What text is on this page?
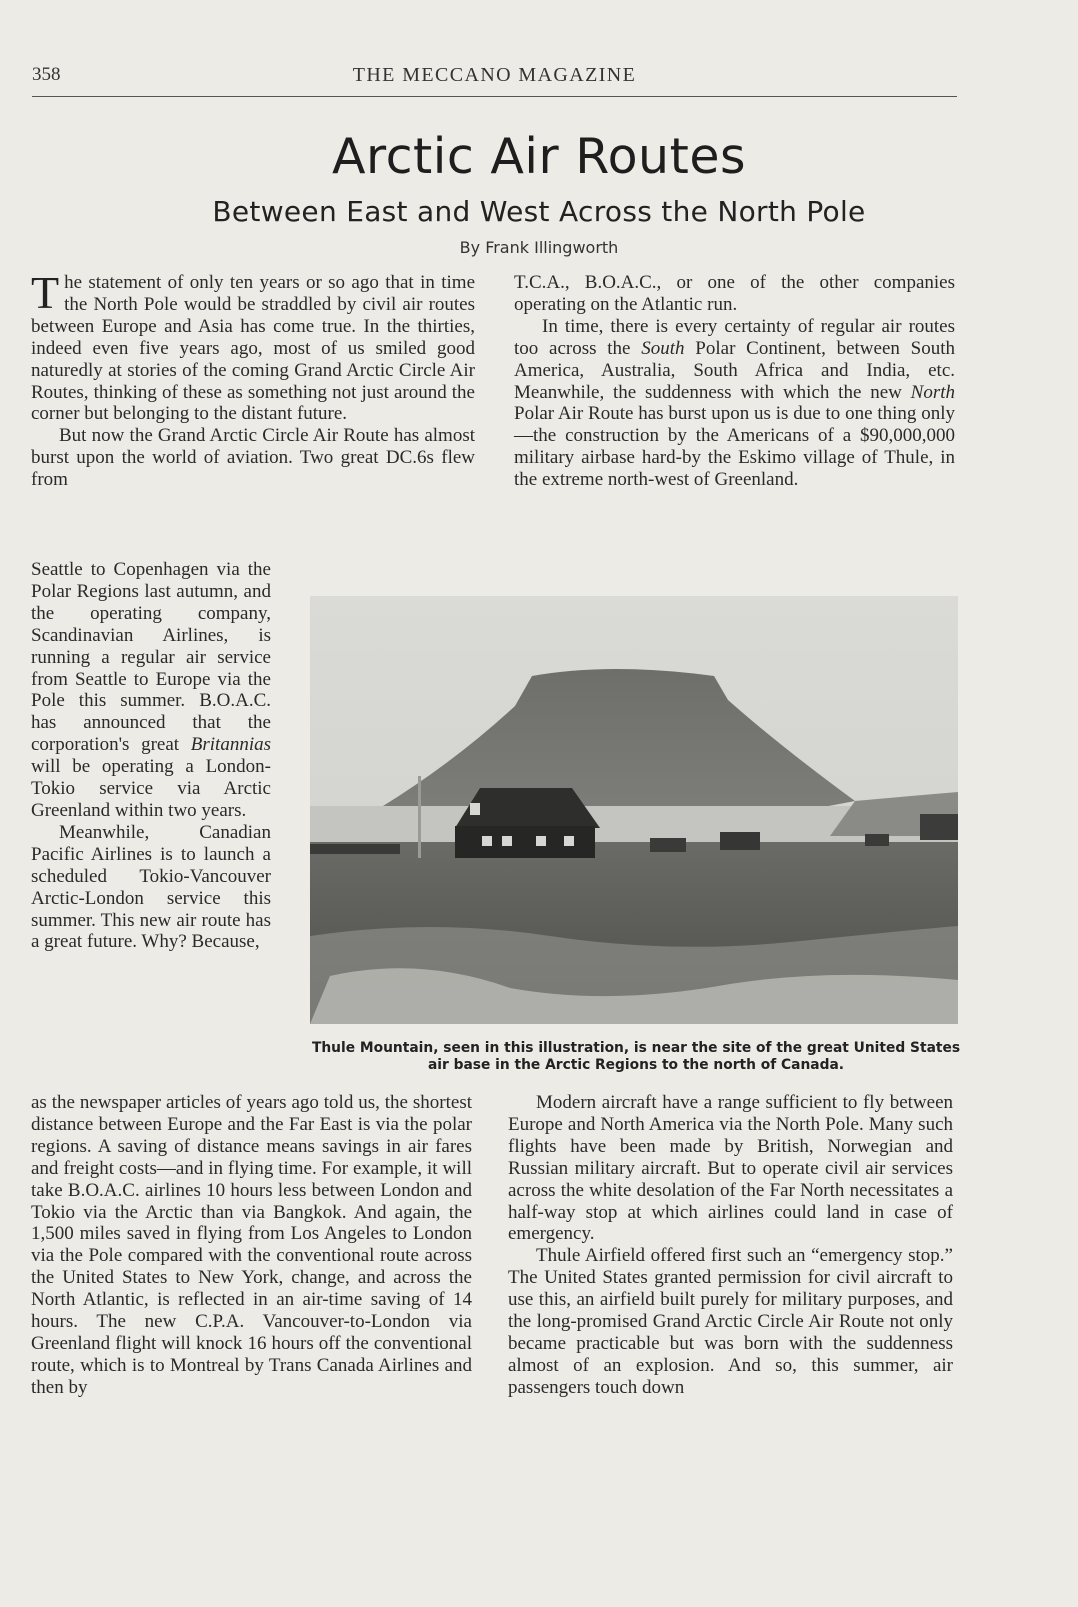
358	THE MECCANO MAGAZINE
Arctic Air Routes
Between East and West Across the North Pole
By Frank Illingworth

The statement of only ten years or so ago that in time the North Pole would be straddled by civil air routes between Europe and Asia has come true. In the thirties, indeed even five years ago, most of us smiled good naturedly at stories of the coming Grand Arctic Circle Air Routes, thinking of these as something not just around the corner but belonging to the distant future.

But now the Grand Arctic Circle Air Route has almost burst upon the world of aviation. Two great DC.6s flew from

T.C.A., B.O.A.C., or one of the other companies operating on the Atlantic run.

In time, there is every certainty of regular air routes too across the South Polar Continent, between South America, Australia, South Africa and India, etc. Meanwhile, the suddenness with which the new North Polar Air Route has burst upon us is due to one thing only—the construction by the Americans of a $90,000,000 military airbase hard-by the Eskimo village of Thule, in the extreme north-west of Greenland.

Seattle to Copenhagen via the Polar Regions last autumn, and the operating company, Scandinavian Airlines, is running a regular air service from Seattle to Europe via the Pole this summer. B.O.A.C. has announced that the corporation's great Britannias will be operating a London-Tokio service via Arctic Greenland within two years.

Meanwhile, Canadian Pacific Airlines is to launch a scheduled Tokio-Vancouver Arctic-London service this summer. This new air route has a great future. Why? Because,

Thule Mountain, seen in this illustration, is near the site of the great United States air base in the Arctic Regions to the north of Canada.

as the newspaper articles of years ago told us, the shortest distance between Europe and the Far East is via the polar regions. A saving of distance means savings in air fares and freight costs—and in flying time. For example, it will take B.O.A.C. airlines 10 hours less between London and Tokio via the Arctic than via Bangkok. And again, the 1,500 miles saved in flying from Los Angeles to London via the Pole compared with the conventional route across the United States to New York, change, and across the North Atlantic, is reflected in an air-time saving of 14 hours. The new C.P.A. Vancouver-to-London via Greenland flight will knock 16 hours off the conventional route, which is to Montreal by Trans Canada Airlines and then by

Modern aircraft have a range sufficient to fly between Europe and North America via the North Pole. Many such flights have been made by British, Norwegian and Russian military aircraft. But to operate civil air services across the white desolation of the Far North necessitates a half-way stop at which airlines could land in case of emergency.

Thule Airfield offered first such an “emergency stop.” The United States granted permission for civil aircraft to use this, an airfield built purely for military purposes, and the long-promised Grand Arctic Circle Air Route not only became practicable but was born with the suddenness almost of an explosion. And so, this summer, air passengers touch down
